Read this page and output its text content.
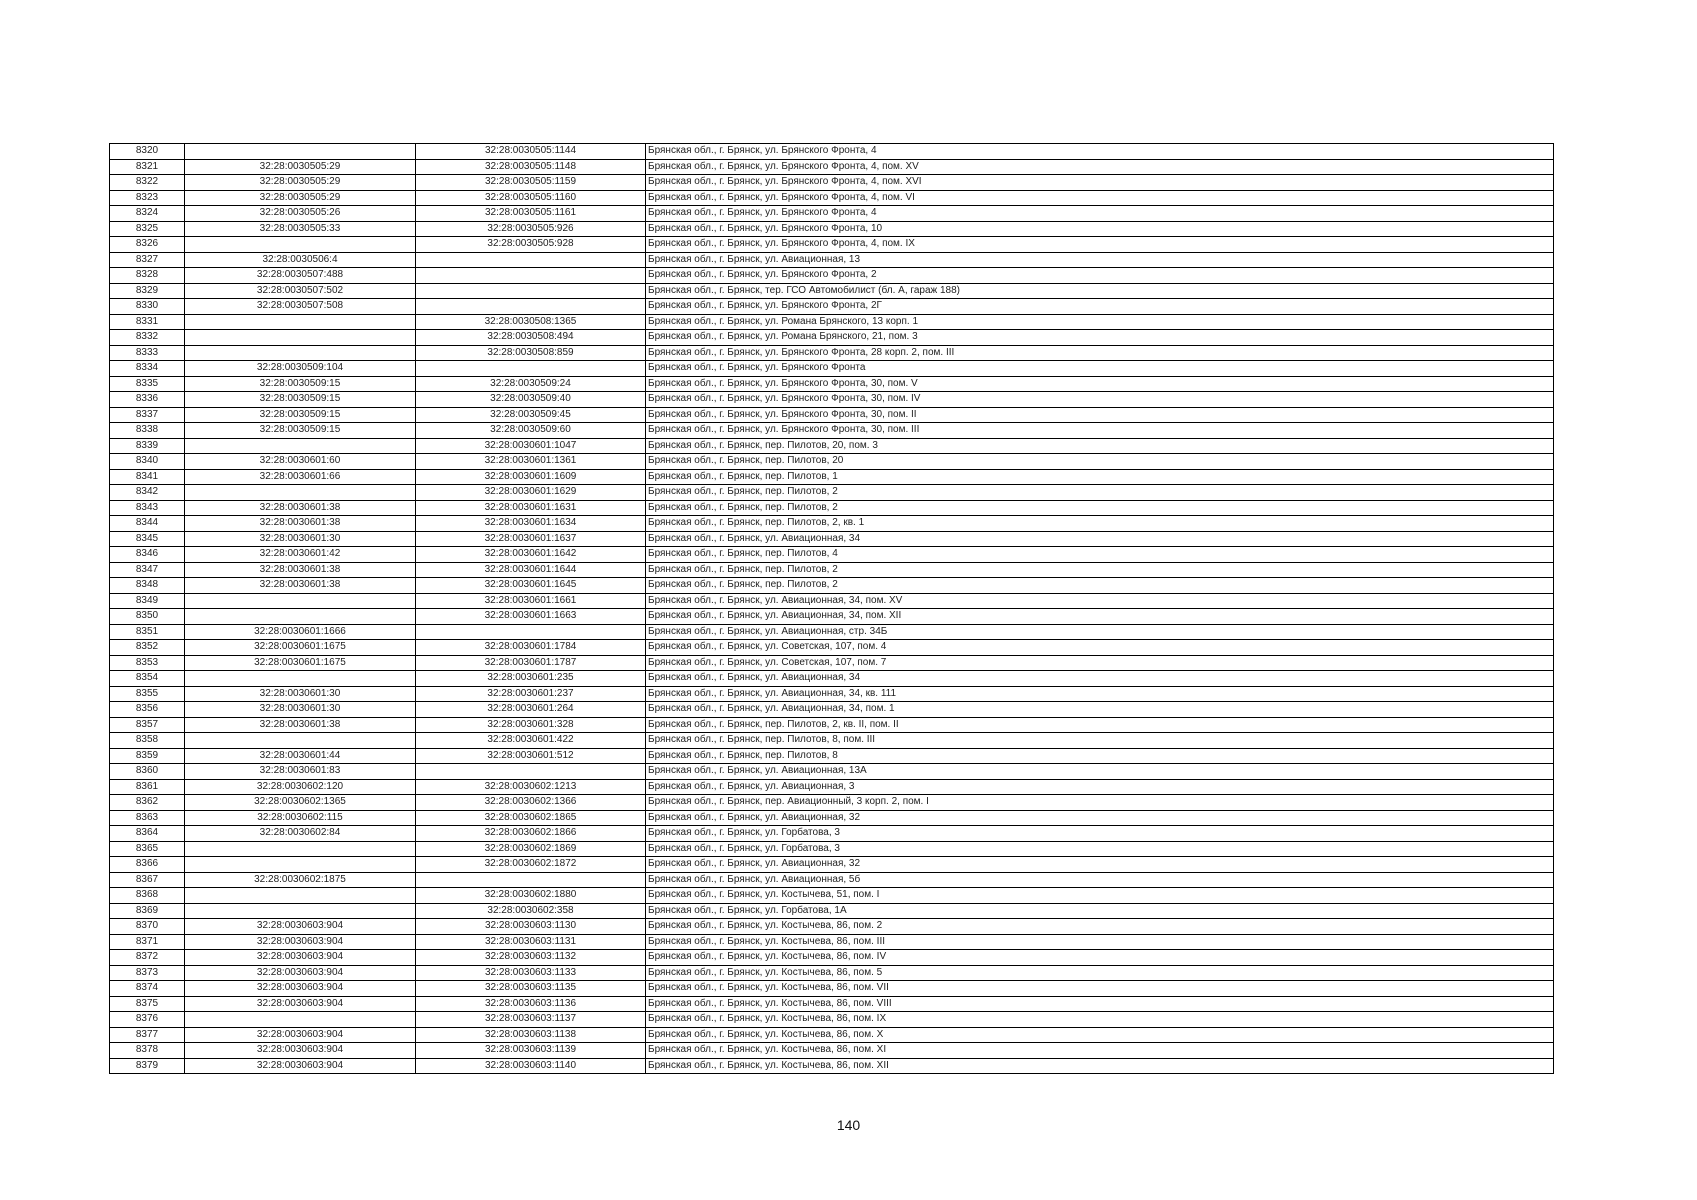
8320		32:28:0030505:1144	Брянская обл., г. Брянск, ул. Брянского Фронта, 4
8321	32:28:0030505:29	32:28:0030505:1148	Брянская обл., г. Брянск, ул. Брянского Фронта, 4, пом. XV
8322	32:28:0030505:29	32:28:0030505:1159	Брянская обл., г. Брянск, ул. Брянского Фронта, 4, пом. XVI
8323	32:28:0030505:29	32:28:0030505:1160	Брянская обл., г. Брянск, ул. Брянского Фронта, 4, пом. VI
8324	32:28:0030505:26	32:28:0030505:1161	Брянская обл., г. Брянск, ул. Брянского Фронта, 4
8325	32:28:0030505:33	32:28:0030505:926	Брянская обл., г. Брянск, ул. Брянского Фронта, 10
8326		32:28:0030505:928	Брянская обл., г. Брянск, ул. Брянского Фронта, 4, пом. IX
8327	32:28:0030506:4		Брянская обл., г. Брянск, ул. Авиационная, 13
8328	32:28:0030507:488		Брянская обл., г. Брянск, ул. Брянского Фронта, 2
8329	32:28:0030507:502		Брянская обл., г. Брянск, тер. ГСО Автомобилист (бл. А, гараж 188)
8330	32:28:0030507:508		Брянская обл., г. Брянск, ул. Брянского Фронта, 2Г
8331		32:28:0030508:1365	Брянская обл., г. Брянск, ул. Романа Брянского, 13 корп. 1
8332		32:28:0030508:494	Брянская обл., г. Брянск, ул. Романа Брянского, 21, пом. 3
8333		32:28:0030508:859	Брянская обл., г. Брянск, ул. Брянского Фронта, 28 корп. 2, пом. III
8334	32:28:0030509:104		Брянская обл., г. Брянск, ул. Брянского Фронта
8335	32:28:0030509:15	32:28:0030509:24	Брянская обл., г. Брянск, ул. Брянского Фронта, 30, пом. V
8336	32:28:0030509:15	32:28:0030509:40	Брянская обл., г. Брянск, ул. Брянского Фронта, 30, пом. IV
8337	32:28:0030509:15	32:28:0030509:45	Брянская обл., г. Брянск, ул. Брянского Фронта, 30, пом. II
8338	32:28:0030509:15	32:28:0030509:60	Брянская обл., г. Брянск, ул. Брянского Фронта, 30, пом. III
8339		32:28:0030601:1047	Брянская обл., г. Брянск, пер. Пилотов, 20, пом. 3
8340	32:28:0030601:60	32:28:0030601:1361	Брянская обл., г. Брянск, пер. Пилотов, 20
8341	32:28:0030601:66	32:28:0030601:1609	Брянская обл., г. Брянск, пер. Пилотов, 1
8342		32:28:0030601:1629	Брянская обл., г. Брянск, пер. Пилотов, 2
8343	32:28:0030601:38	32:28:0030601:1631	Брянская обл., г. Брянск, пер. Пилотов, 2
8344	32:28:0030601:38	32:28:0030601:1634	Брянская обл., г. Брянск, пер. Пилотов, 2, кв. 1
8345	32:28:0030601:30	32:28:0030601:1637	Брянская обл., г. Брянск, ул. Авиационная, 34
8346	32:28:0030601:42	32:28:0030601:1642	Брянская обл., г. Брянск, пер. Пилотов, 4
8347	32:28:0030601:38	32:28:0030601:1644	Брянская обл., г. Брянск, пер. Пилотов, 2
8348	32:28:0030601:38	32:28:0030601:1645	Брянская обл., г. Брянск, пер. Пилотов, 2
8349		32:28:0030601:1661	Брянская обл., г. Брянск, ул. Авиационная, 34, пом. XV
8350		32:28:0030601:1663	Брянская обл., г. Брянск, ул. Авиационная, 34, пом. XII
8351	32:28:0030601:1666		Брянская обл., г. Брянск, ул. Авиационная, стр. 34Б
8352	32:28:0030601:1675	32:28:0030601:1784	Брянская обл., г. Брянск, ул. Советская, 107, пом. 4
8353	32:28:0030601:1675	32:28:0030601:1787	Брянская обл., г. Брянск, ул. Советская, 107, пом. 7
8354		32:28:0030601:235	Брянская обл., г. Брянск, ул. Авиационная, 34
8355	32:28:0030601:30	32:28:0030601:237	Брянская обл., г. Брянск, ул. Авиационная, 34, кв. 111
8356	32:28:0030601:30	32:28:0030601:264	Брянская обл., г. Брянск, ул. Авиационная, 34, пом. 1
8357	32:28:0030601:38	32:28:0030601:328	Брянская обл., г. Брянск, пер. Пилотов, 2, кв. II, пом. II
8358		32:28:0030601:422	Брянская обл., г. Брянск, пер. Пилотов, 8, пом. III
8359	32:28:0030601:44	32:28:0030601:512	Брянская обл., г. Брянск, пер. Пилотов, 8
8360	32:28:0030601:83		Брянская обл., г. Брянск, ул. Авиационная, 13А
8361	32:28:0030602:120	32:28:0030602:1213	Брянская обл., г. Брянск, ул. Авиационная, 3
8362	32:28:0030602:1365	32:28:0030602:1366	Брянская обл., г. Брянск, пер. Авиационный, 3 корп. 2, пом. I
8363	32:28:0030602:115	32:28:0030602:1865	Брянская обл., г. Брянск, ул. Авиационная, 32
8364	32:28:0030602:84	32:28:0030602:1866	Брянская обл., г. Брянск, ул. Горбатова, 3
8365		32:28:0030602:1869	Брянская обл., г. Брянск, ул. Горбатова, 3
8366		32:28:0030602:1872	Брянская обл., г. Брянск, ул. Авиационная, 32
8367	32:28:0030602:1875		Брянская обл., г. Брянск, ул. Авиационная, 5б
8368		32:28:0030602:1880	Брянская обл., г. Брянск, ул. Костычева, 51, пом. I
8369		32:28:0030602:358	Брянская обл., г. Брянск, ул. Горбатова, 1А
8370	32:28:0030603:904	32:28:0030603:1130	Брянская обл., г. Брянск, ул. Костычева, 86, пом. 2
8371	32:28:0030603:904	32:28:0030603:1131	Брянская обл., г. Брянск, ул. Костычева, 86, пом. III
8372	32:28:0030603:904	32:28:0030603:1132	Брянская обл., г. Брянск, ул. Костычева, 86, пом. IV
8373	32:28:0030603:904	32:28:0030603:1133	Брянская обл., г. Брянск, ул. Костычева, 86, пом. 5
8374	32:28:0030603:904	32:28:0030603:1135	Брянская обл., г. Брянск, ул. Костычева, 86, пом. VII
8375	32:28:0030603:904	32:28:0030603:1136	Брянская обл., г. Брянск, ул. Костычева, 86, пом. VIII
8376		32:28:0030603:1137	Брянская обл., г. Брянск, ул. Костычева, 86, пом. IX
8377	32:28:0030603:904	32:28:0030603:1138	Брянская обл., г. Брянск, ул. Костычева, 86, пом. X
8378	32:28:0030603:904	32:28:0030603:1139	Брянская обл., г. Брянск, ул. Костычева, 86, пом. XI
8379	32:28:0030603:904	32:28:0030603:1140	Брянская обл., г. Брянск, ул. Костычева, 86, пом. XII
140
